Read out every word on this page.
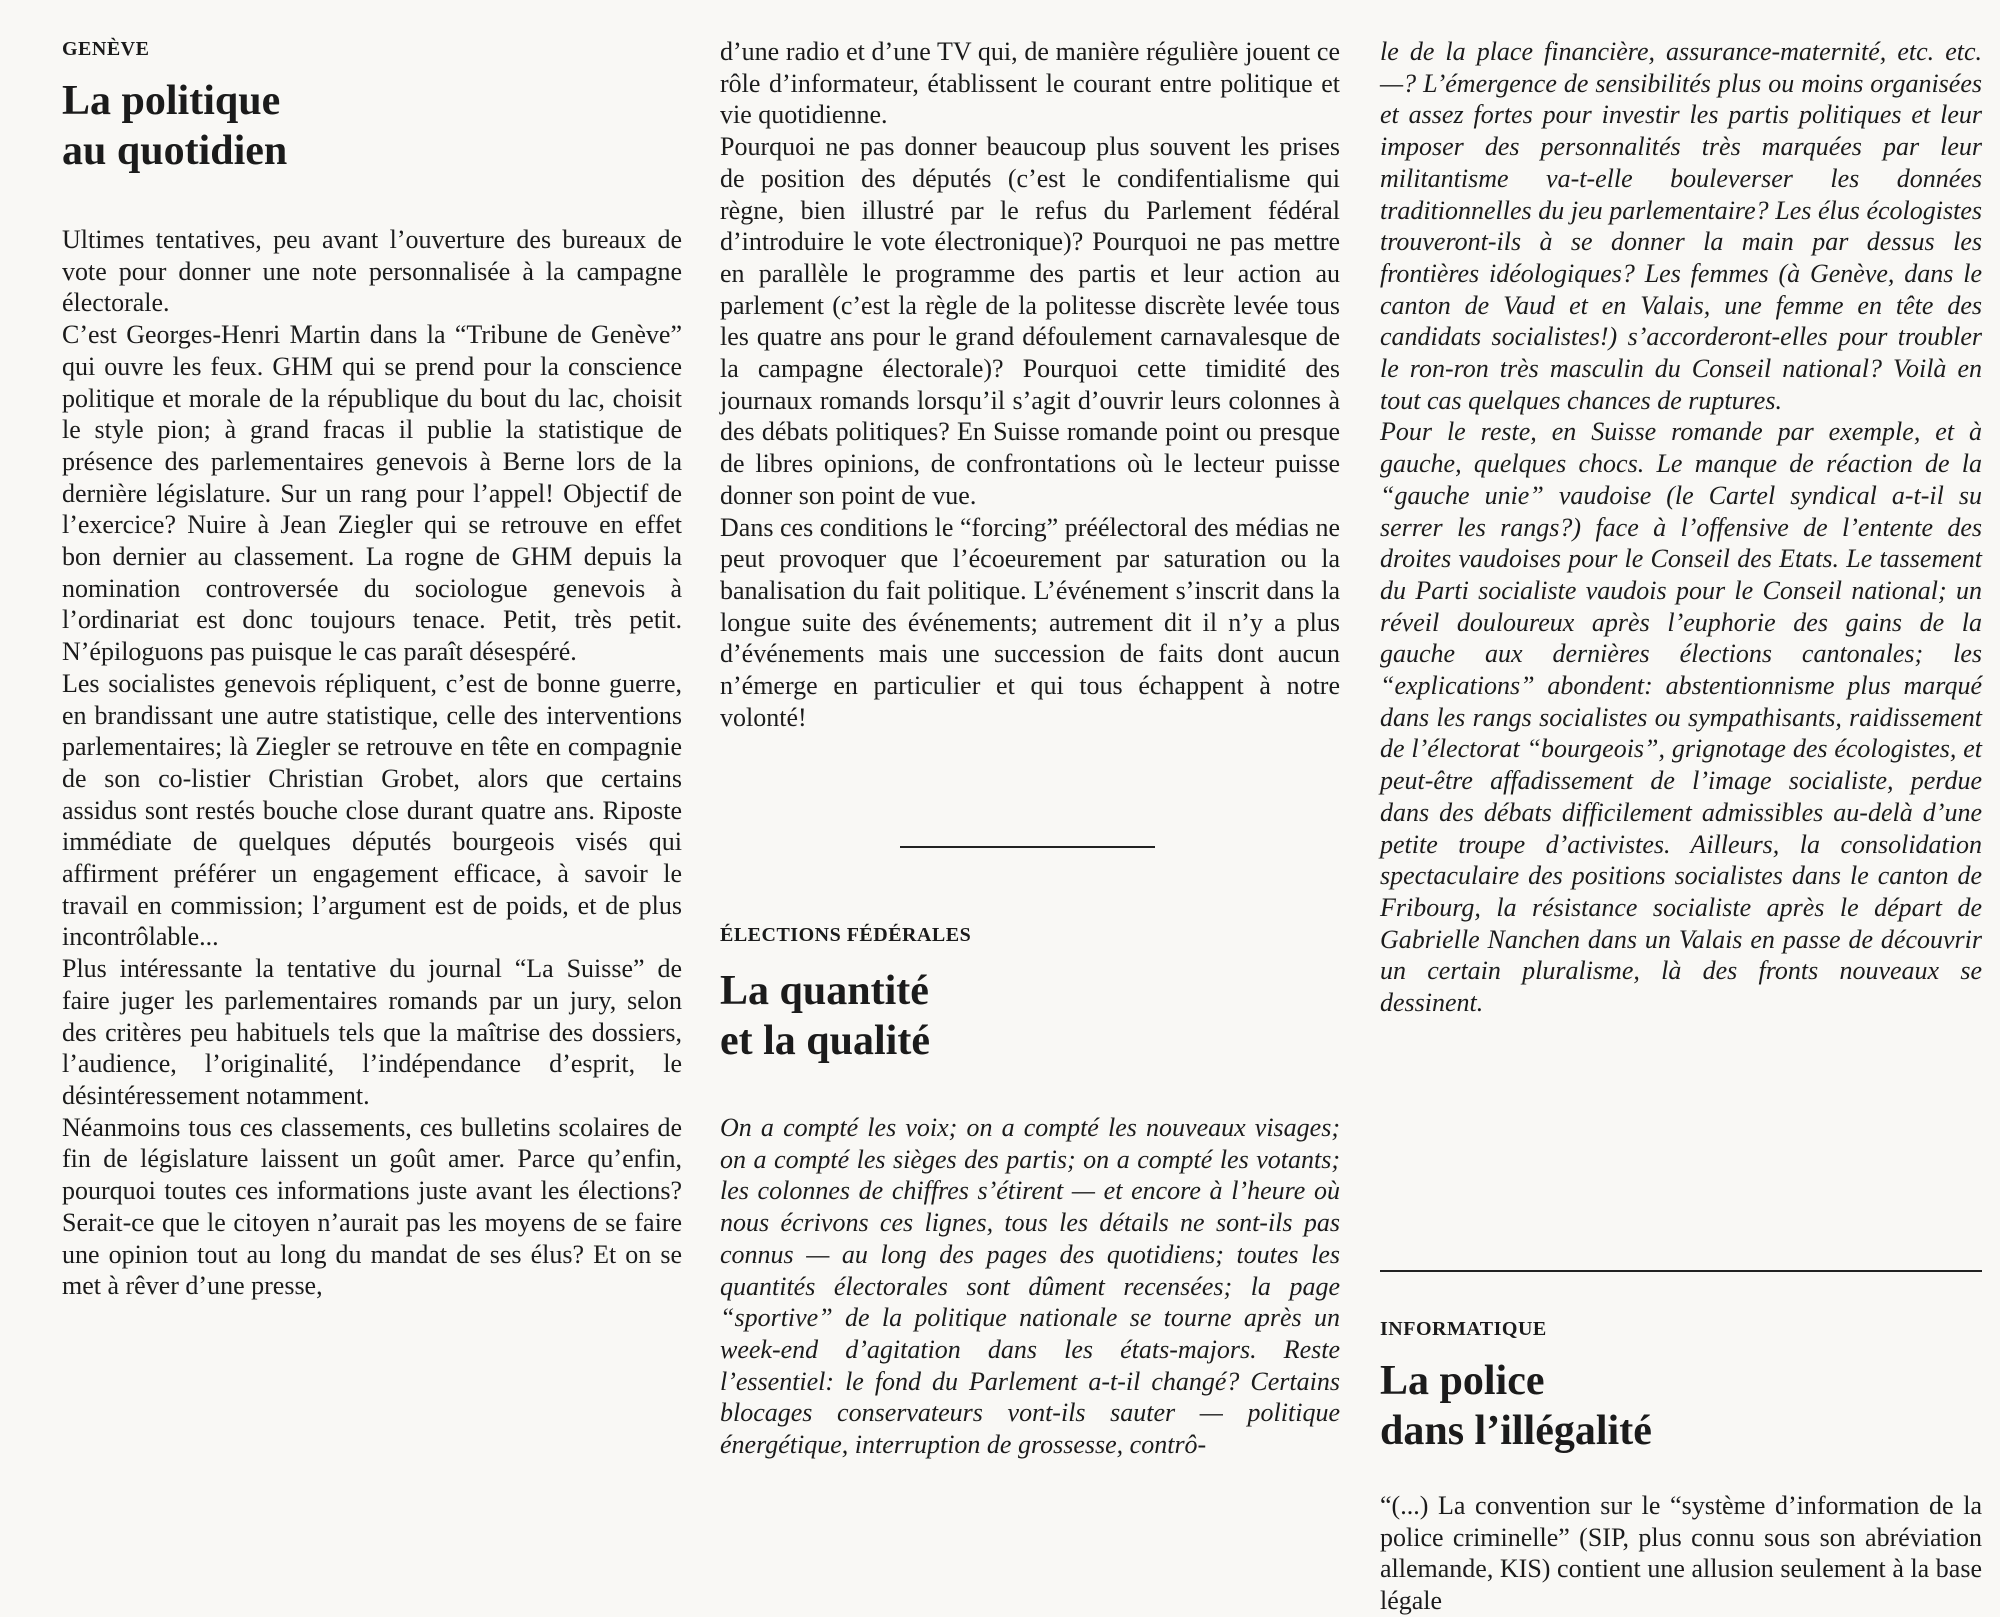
GENÈVE
La politique
au quotidien

Ultimes tentatives, peu avant l’ouverture des bureaux de vote pour donner une note personnalisée à la campagne électorale.

C’est Georges-Henri Martin dans la “Tribune de Genève” qui ouvre les feux. GHM qui se prend pour la conscience politique et morale de la république du bout du lac, choisit le style pion; à grand fracas il publie la statistique de présence des parlementaires genevois à Berne lors de la dernière législature. Sur un rang pour l’appel! Objectif de l’exercice? Nuire à Jean Ziegler qui se retrouve en effet bon dernier au classement. La rogne de GHM depuis la nomination controversée du sociologue genevois à l’ordinariat est donc toujours tenace. Petit, très petit. N’épiloguons pas puisque le cas paraît désespéré.

Les socialistes genevois répliquent, c’est de bonne guerre, en brandissant une autre statistique, celle des interventions parlementaires; là Ziegler se retrouve en tête en compagnie de son co-listier Christian Grobet, alors que certains assidus sont restés bouche close durant quatre ans. Riposte immédiate de quelques députés bourgeois visés qui affirment préférer un engagement efficace, à savoir le travail en commission; l’argument est de poids, et de plus incontrôlable...

Plus intéressante la tentative du journal “La Suisse” de faire juger les parlementaires romands par un jury, selon des critères peu habituels tels que la maîtrise des dossiers, l’audience, l’originalité, l’indépendance d’esprit, le désintéressement notamment.

Néanmoins tous ces classements, ces bulletins scolaires de fin de législature laissent un goût amer. Parce qu’enfin, pourquoi toutes ces informations juste avant les élections? Serait-ce que le citoyen n’aurait pas les moyens de se faire une opinion tout au long du mandat de ses élus? Et on se met à rêver d’une presse,

d’une radio et d’une TV qui, de manière régulière jouent ce rôle d’informateur, établissent le courant entre politique et vie quotidienne.

Pourquoi ne pas donner beaucoup plus souvent les prises de position des députés (c’est le condifentialisme qui règne, bien illustré par le refus du Parlement fédéral d’introduire le vote électronique)? Pourquoi ne pas mettre en parallèle le programme des partis et leur action au parlement (c’est la règle de la politesse discrète levée tous les quatre ans pour le grand défoulement carnavalesque de la campagne électorale)? Pourquoi cette timidité des journaux romands lorsqu’il s’agit d’ouvrir leurs colonnes à des débats politiques? En Suisse romande point ou presque de libres opinions, de confrontations où le lecteur puisse donner son point de vue.

Dans ces conditions le “forcing” préélectoral des médias ne peut provoquer que l’écoeurement par saturation ou la banalisation du fait politique. L’événement s’inscrit dans la longue suite des événements; autrement dit il n’y a plus d’événements mais une succession de faits dont aucun n’émerge en particulier et qui tous échappent à notre volonté!

ÉLECTIONS FÉDÉRALES
La quantité
et la qualité

On a compté les voix; on a compté les nouveaux visages; on a compté les sièges des partis; on a compté les votants; les colonnes de chiffres s’étirent — et encore à l’heure où nous écrivons ces lignes, tous les détails ne sont-ils pas connus — au long des pages des quotidiens; toutes les quantités électorales sont dûment recensées; la page “sportive” de la politique nationale se tourne après un week-end d’agitation dans les états-majors. Reste l’essentiel: le fond du Parlement a-t-il changé? Certains blocages conservateurs vont-ils sauter — politique énergétique, interruption de grossesse, contrô-

le de la place financière, assurance-maternité, etc. etc. —? L’émergence de sensibilités plus ou moins organisées et assez fortes pour investir les partis politiques et leur imposer des personnalités très marquées par leur militantisme va-t-elle bouleverser les données traditionnelles du jeu parlementaire? Les élus écologistes trouveront-ils à se donner la main par dessus les frontières idéologiques? Les femmes (à Genève, dans le canton de Vaud et en Valais, une femme en tête des candidats socialistes!) s’accorderont-elles pour troubler le ron-ron très masculin du Conseil national? Voilà en tout cas quelques chances de ruptures.

Pour le reste, en Suisse romande par exemple, et à gauche, quelques chocs. Le manque de réaction de la “gauche unie” vaudoise (le Cartel syndical a-t-il su serrer les rangs?) face à l’offensive de l’entente des droites vaudoises pour le Conseil des Etats. Le tassement du Parti socialiste vaudois pour le Conseil national; un réveil douloureux après l’euphorie des gains de la gauche aux dernières élections cantonales; les “explications” abondent: abstentionnisme plus marqué dans les rangs socialistes ou sympathisants, raidissement de l’électorat “bourgeois”, grignotage des écologistes, et peut-être affadissement de l’image socialiste, perdue dans des débats difficilement admissibles au-delà d’une petite troupe d’activistes. Ailleurs, la consolidation spectaculaire des positions socialistes dans le canton de Fribourg, la résistance socialiste après le départ de Gabrielle Nanchen dans un Valais en passe de découvrir un certain pluralisme, là des fronts nouveaux se dessinent.

INFORMATIQUE
La police
dans l’illégalité

“(...) La convention sur le “système d’information de la police criminelle” (SIP, plus connu sous son abréviation allemande, KIS) contient une allusion seulement à la base légale
